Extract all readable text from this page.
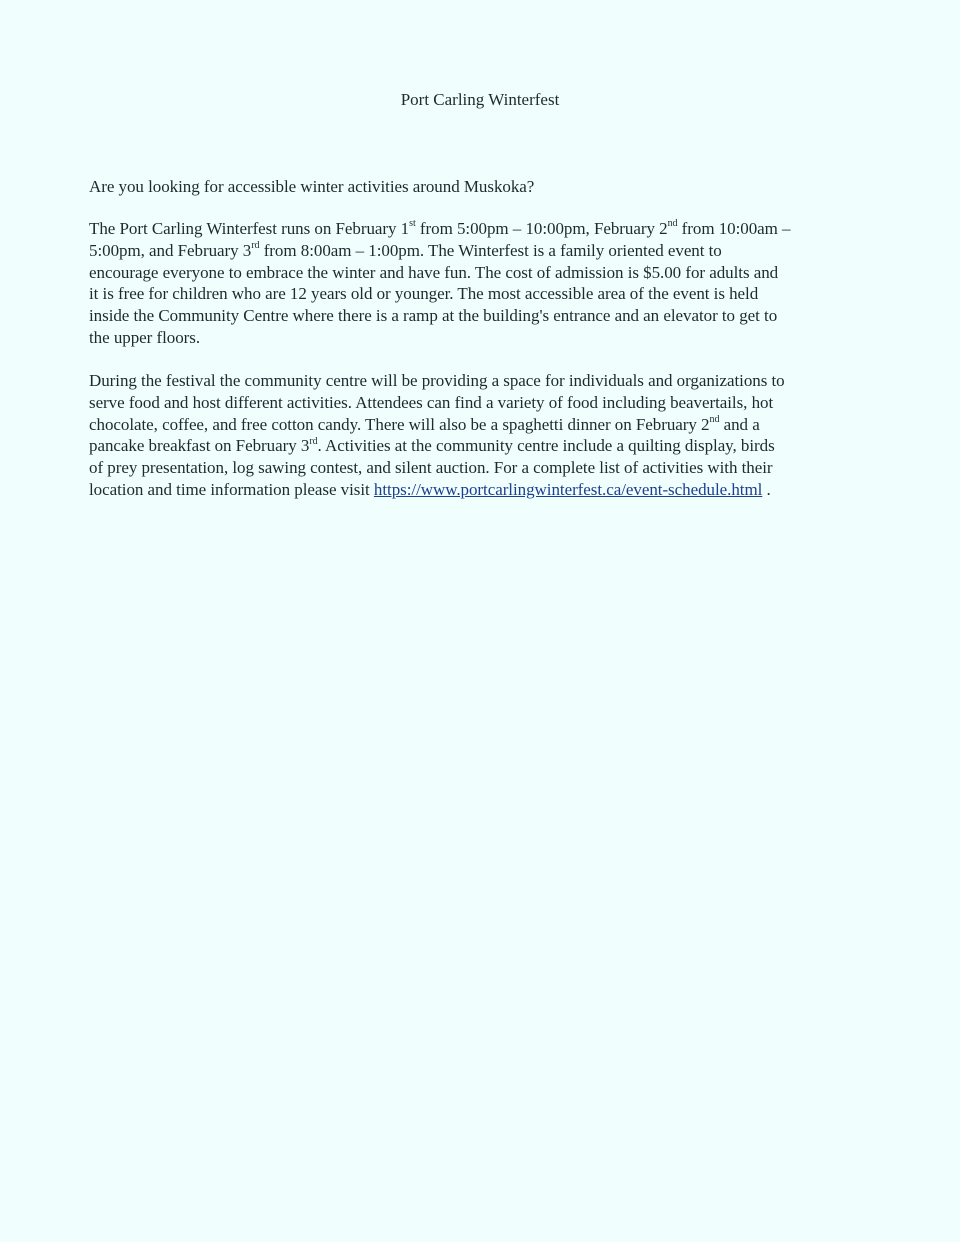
Port Carling Winterfest

Are you looking for accessible winter activities around Muskoka?

The Port Carling Winterfest runs on February 1st from 5:00pm – 10:00pm, February 2nd from 10:00am –
5:00pm, and February 3rd from 8:00am – 1:00pm. The Winterfest is a family oriented event to
encourage everyone to embrace the winter and have fun. The cost of admission is $5.00 for adults and
it is free for children who are 12 years old or younger. The most accessible area of the event is held
inside the Community Centre where there is a ramp at the building's entrance and an elevator to get to
the upper floors.

During the festival the community centre will be providing a space for individuals and organizations to
serve food and host different activities. Attendees can find a variety of food including beavertails, hot
chocolate, coffee, and free cotton candy. There will also be a spaghetti dinner on February 2nd and a
pancake breakfast on February 3rd. Activities at the community centre include a quilting display, birds
of prey presentation, log sawing contest, and silent auction. For a complete list of activities with their
location and time information please visit https://www.portcarlingwinterfest.ca/event-schedule.html .
